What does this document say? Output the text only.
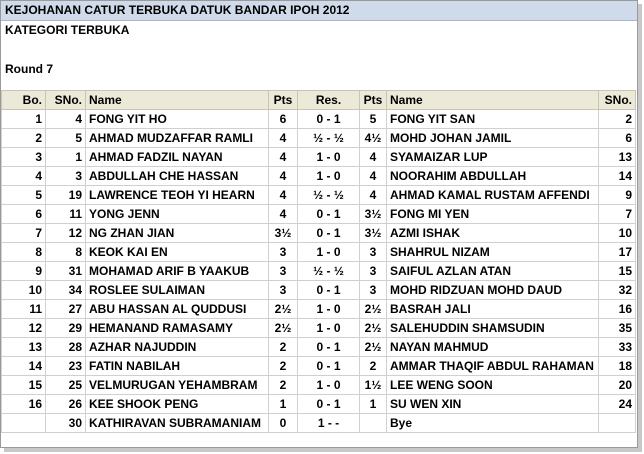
KEJOHANAN CATUR TERBUKA DATUK BANDAR IPOH 2012
KATEGORI TERBUKA
Round 7
Bo.	SNo.	Name	Pts	Res.	Pts	Name	SNo.
1	4	FONG YIT HO	6	0 - 1	5	FONG YIT SAN	2
2	5	AHMAD MUDZAFFAR RAMLI	4	½ - ½	4½	MOHD JOHAN JAMIL	6
3	1	AHMAD FADZIL NAYAN	4	1 - 0	4	SYAMAIZAR LUP	13
4	3	ABDULLAH CHE HASSAN	4	1 - 0	4	NOORAHIM ABDULLAH	14
5	19	LAWRENCE TEOH YI HEARN	4	½ - ½	4	AHMAD KAMAL RUSTAM AFFENDI	9
6	11	YONG JENN	4	0 - 1	3½	FONG MI YEN	7
7	12	NG ZHAN JIAN	3½	0 - 1	3½	AZMI ISHAK	10
8	8	KEOK KAI EN	3	1 - 0	3	SHAHRUL NIZAM	17
9	31	MOHAMAD ARIF B YAAKUB	3	½ - ½	3	SAIFUL AZLAN ATAN	15
10	34	ROSLEE SULAIMAN	3	0 - 1	3	MOHD RIDZUAN MOHD DAUD	32
11	27	ABU HASSAN AL QUDDUSI	2½	1 - 0	2½	BASRAH JALI	16
12	29	HEMANAND RAMASAMY	2½	1 - 0	2½	SALEHUDDIN SHAMSUDIN	35
13	28	AZHAR NAJUDDIN	2	0 - 1	2½	NAYAN MAHMUD	33
14	23	FATIN NABILAH	2	0 - 1	2	AMMAR THAQIF ABDUL RAHAMAN	18
15	25	VELMURUGAN YEHAMBRAM	2	1 - 0	1½	LEE WENG SOON	20
16	26	KEE SHOOK PENG	1	0 - 1	1	SU WEN XIN	24
	30	KATHIRAVAN SUBRAMANIAM	0	1 - -		Bye	
